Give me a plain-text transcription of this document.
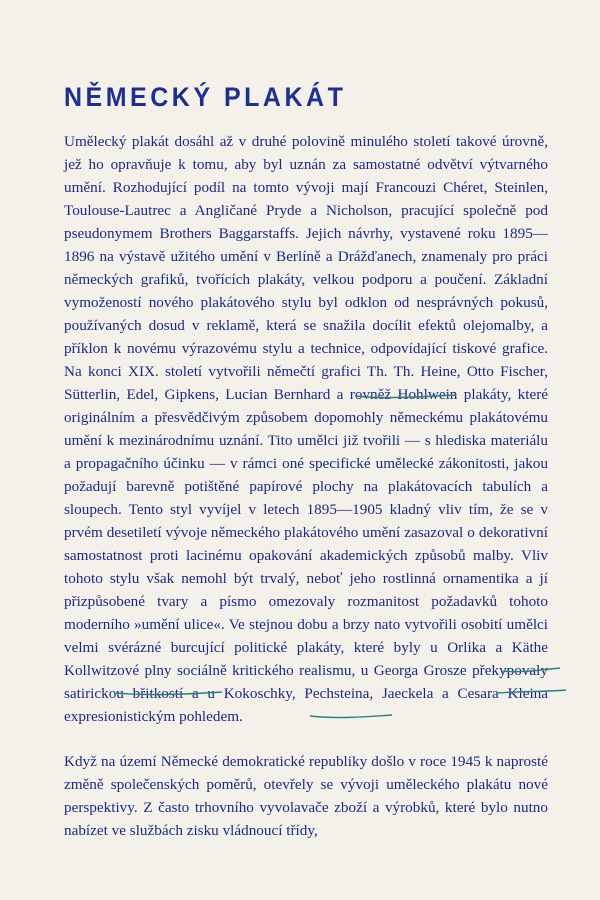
NĚMECKÝ PLAKÁT

Umělecký plakát dosáhl až v druhé polovině minulého století takové úrovně, jež ho opravňuje k tomu, aby byl uznán za samostatné odvětví výtvarného umění. Rozhodující podíl na tomto vývoji mají Francouzi Chéret, Steinlen, Toulouse-Lautrec a Angličané Pryde a Nicholson, pracující společně pod pseudonymem Brothers Baggarstaffs. Jejich návrhy, vystavené roku 1895—1896 na výstavě užitého umění v Berlíně a Drážďanech, znamenaly pro práci německých grafiků, tvořících plakáty, velkou podporu a poučení. Základní vymožeností nového plakátového stylu byl odklon od nesprávných pokusů, používaných dosud v reklamě, která se snažila docílit efektů olejomalby, a příklon k novému výrazovému stylu a technice, odpovídající tiskové grafice. Na konci XIX. století vytvořili němečtí grafici Th. Th. Heine, Otto Fischer, Sütterlin, Edel, Gipkens, Lucian Bernhard a rovněž Hohlwein plakáty, které originálním a přesvědčivým způsobem dopomohly německému plakátovému umění k mezinárodnímu uznání. Tito umělci již tvořili — s hlediska materiálu a propagačního účinku — v rámci oné specifické umělecké zákonitosti, jakou požadují barevně potištěné papírové plochy na plakátovacích tabulích a sloupech. Tento styl vyvíjel v letech 1895—1905 kladný vliv tím, že se v prvém desetiletí vývoje německého plakátového umění zasazoval o dekorativní samostatnost proti lacinému opakování akademických způsobů malby. Vliv tohoto stylu však nemohl být trvalý, neboť jeho rostlinná ornamentika a jí přizpůsobené tvary a písmo omezovaly rozmanitost požadavků tohoto moderního »umění ulice«. Ve stejnou dobu a brzy nato vytvořili osobití umělci velmi svérázné burcující politické plakáty, které byly u Orlika a Käthe Kollwitzové plny sociálně kritického realismu, u Georga Grosze překypovaly satirickou břitkostí a u Kokoschky, Pechsteina, Jaeckela a Cesara Kleina expresionistickým pohledem.

Když na území Německé demokratické republiky došlo v roce 1945 k naprosté změně společenských poměrů, otevřely se vývoji uměleckého plakátu nové perspektivy. Z často trhovního vyvolavače zboží a výrobků, které bylo nutno nabízet ve službách zisku vládnoucí třídy,
